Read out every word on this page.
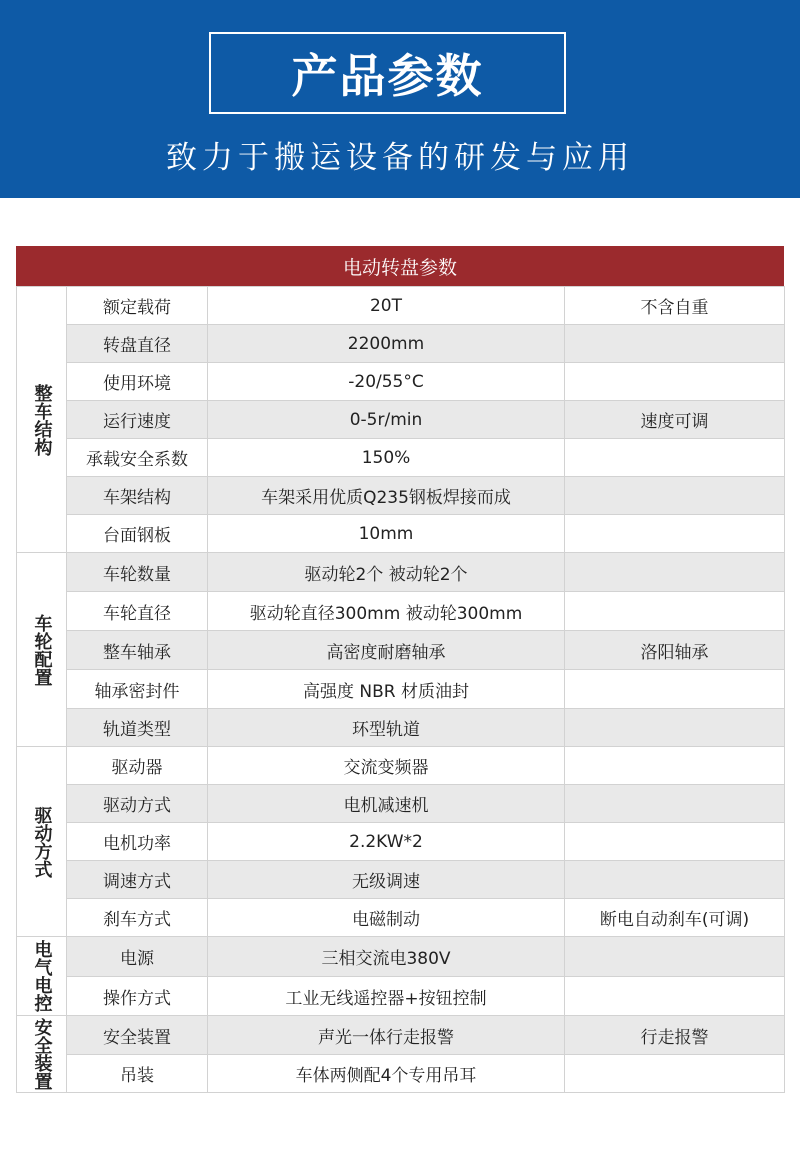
产品参数
致力于搬运设备的研发与应用
电动转盘参数
整车结构	额定载荷	20T	不含自重
	转盘直径	2200mm	
	使用环境	-20/55°C	
	运行速度	0-5r/min	速度可调
	承载安全系数	150%	
	车架结构	车架采用优质Q235钢板焊接而成	
	台面钢板	10mm	
车轮配置	车轮数量	驱动轮2个 被动轮2个	
	车轮直径	驱动轮直径300mm 被动轮300mm	
	整车轴承	高密度耐磨轴承	洛阳轴承
	轴承密封件	高强度 NBR 材质油封	
	轨道类型	环型轨道	
驱动方式	驱动器	交流变频器	
	驱动方式	电机减速机	
	电机功率	2.2KW*2	
	调速方式	无级调速	
	刹车方式	电磁制动	断电自动刹车(可调)
电气电控	电源	三相交流电380V	
	操作方式	工业无线遥控器+按钮控制	
安全装置	安全装置	声光一体行走报警	行走报警
	吊装	车体两侧配4个专用吊耳	
